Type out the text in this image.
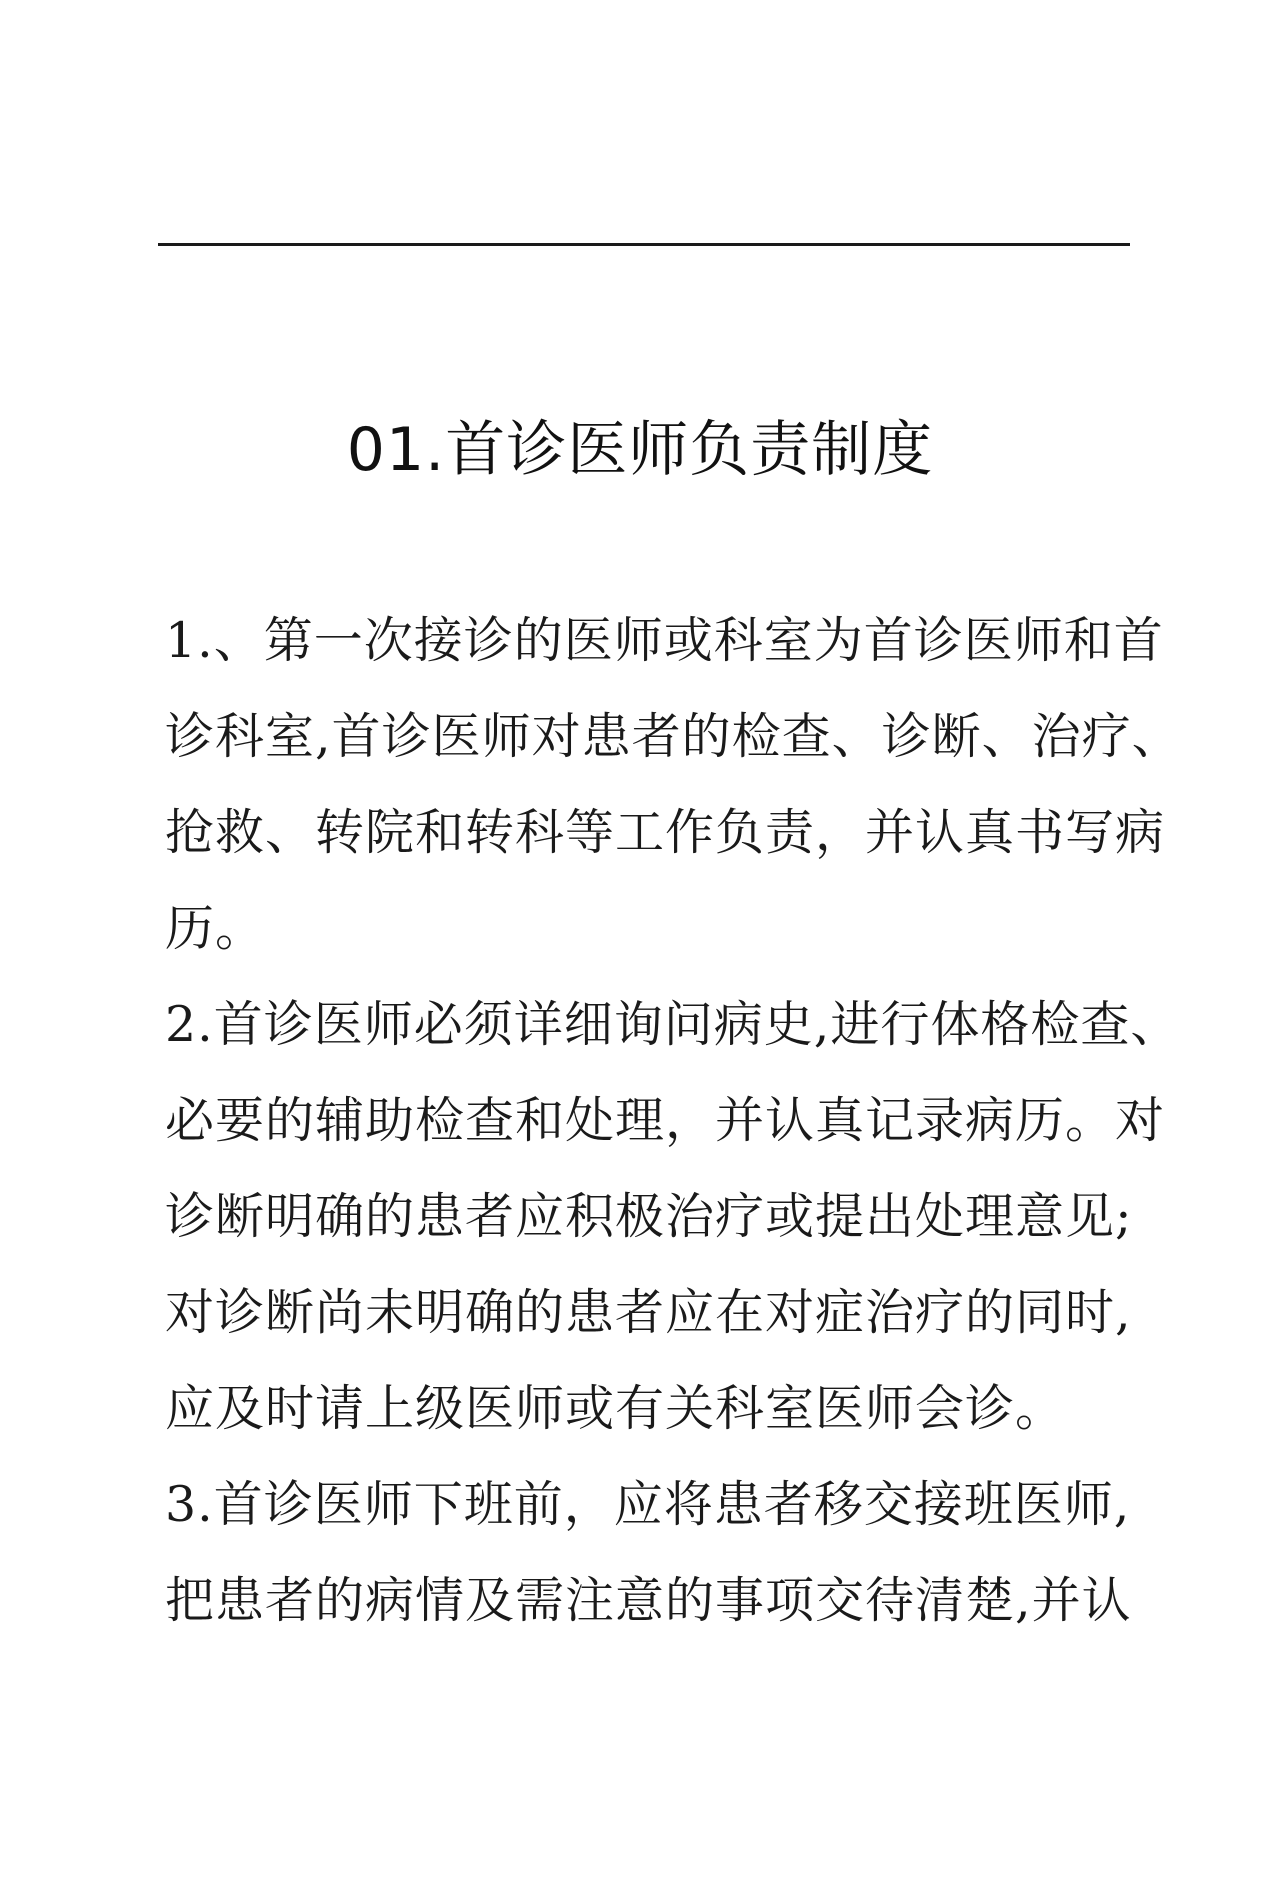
01.首诊医师负责制度
1.、第一次接诊的医师或科室为首诊医师和首
诊科室,首诊医师对患者的检查、诊断、治疗、
抢救、转院和转科等工作负责，并认真书写病
历。
2.首诊医师必须详细询问病史,进行体格检查、
必要的辅助检查和处理，并认真记录病历。对
诊断明确的患者应积极治疗或提出处理意见;
对诊断尚未明确的患者应在对症治疗的同时,
应及时请上级医师或有关科室医师会诊。
3.首诊医师下班前，应将患者移交接班医师,
把患者的病情及需注意的事项交待清楚,并认
